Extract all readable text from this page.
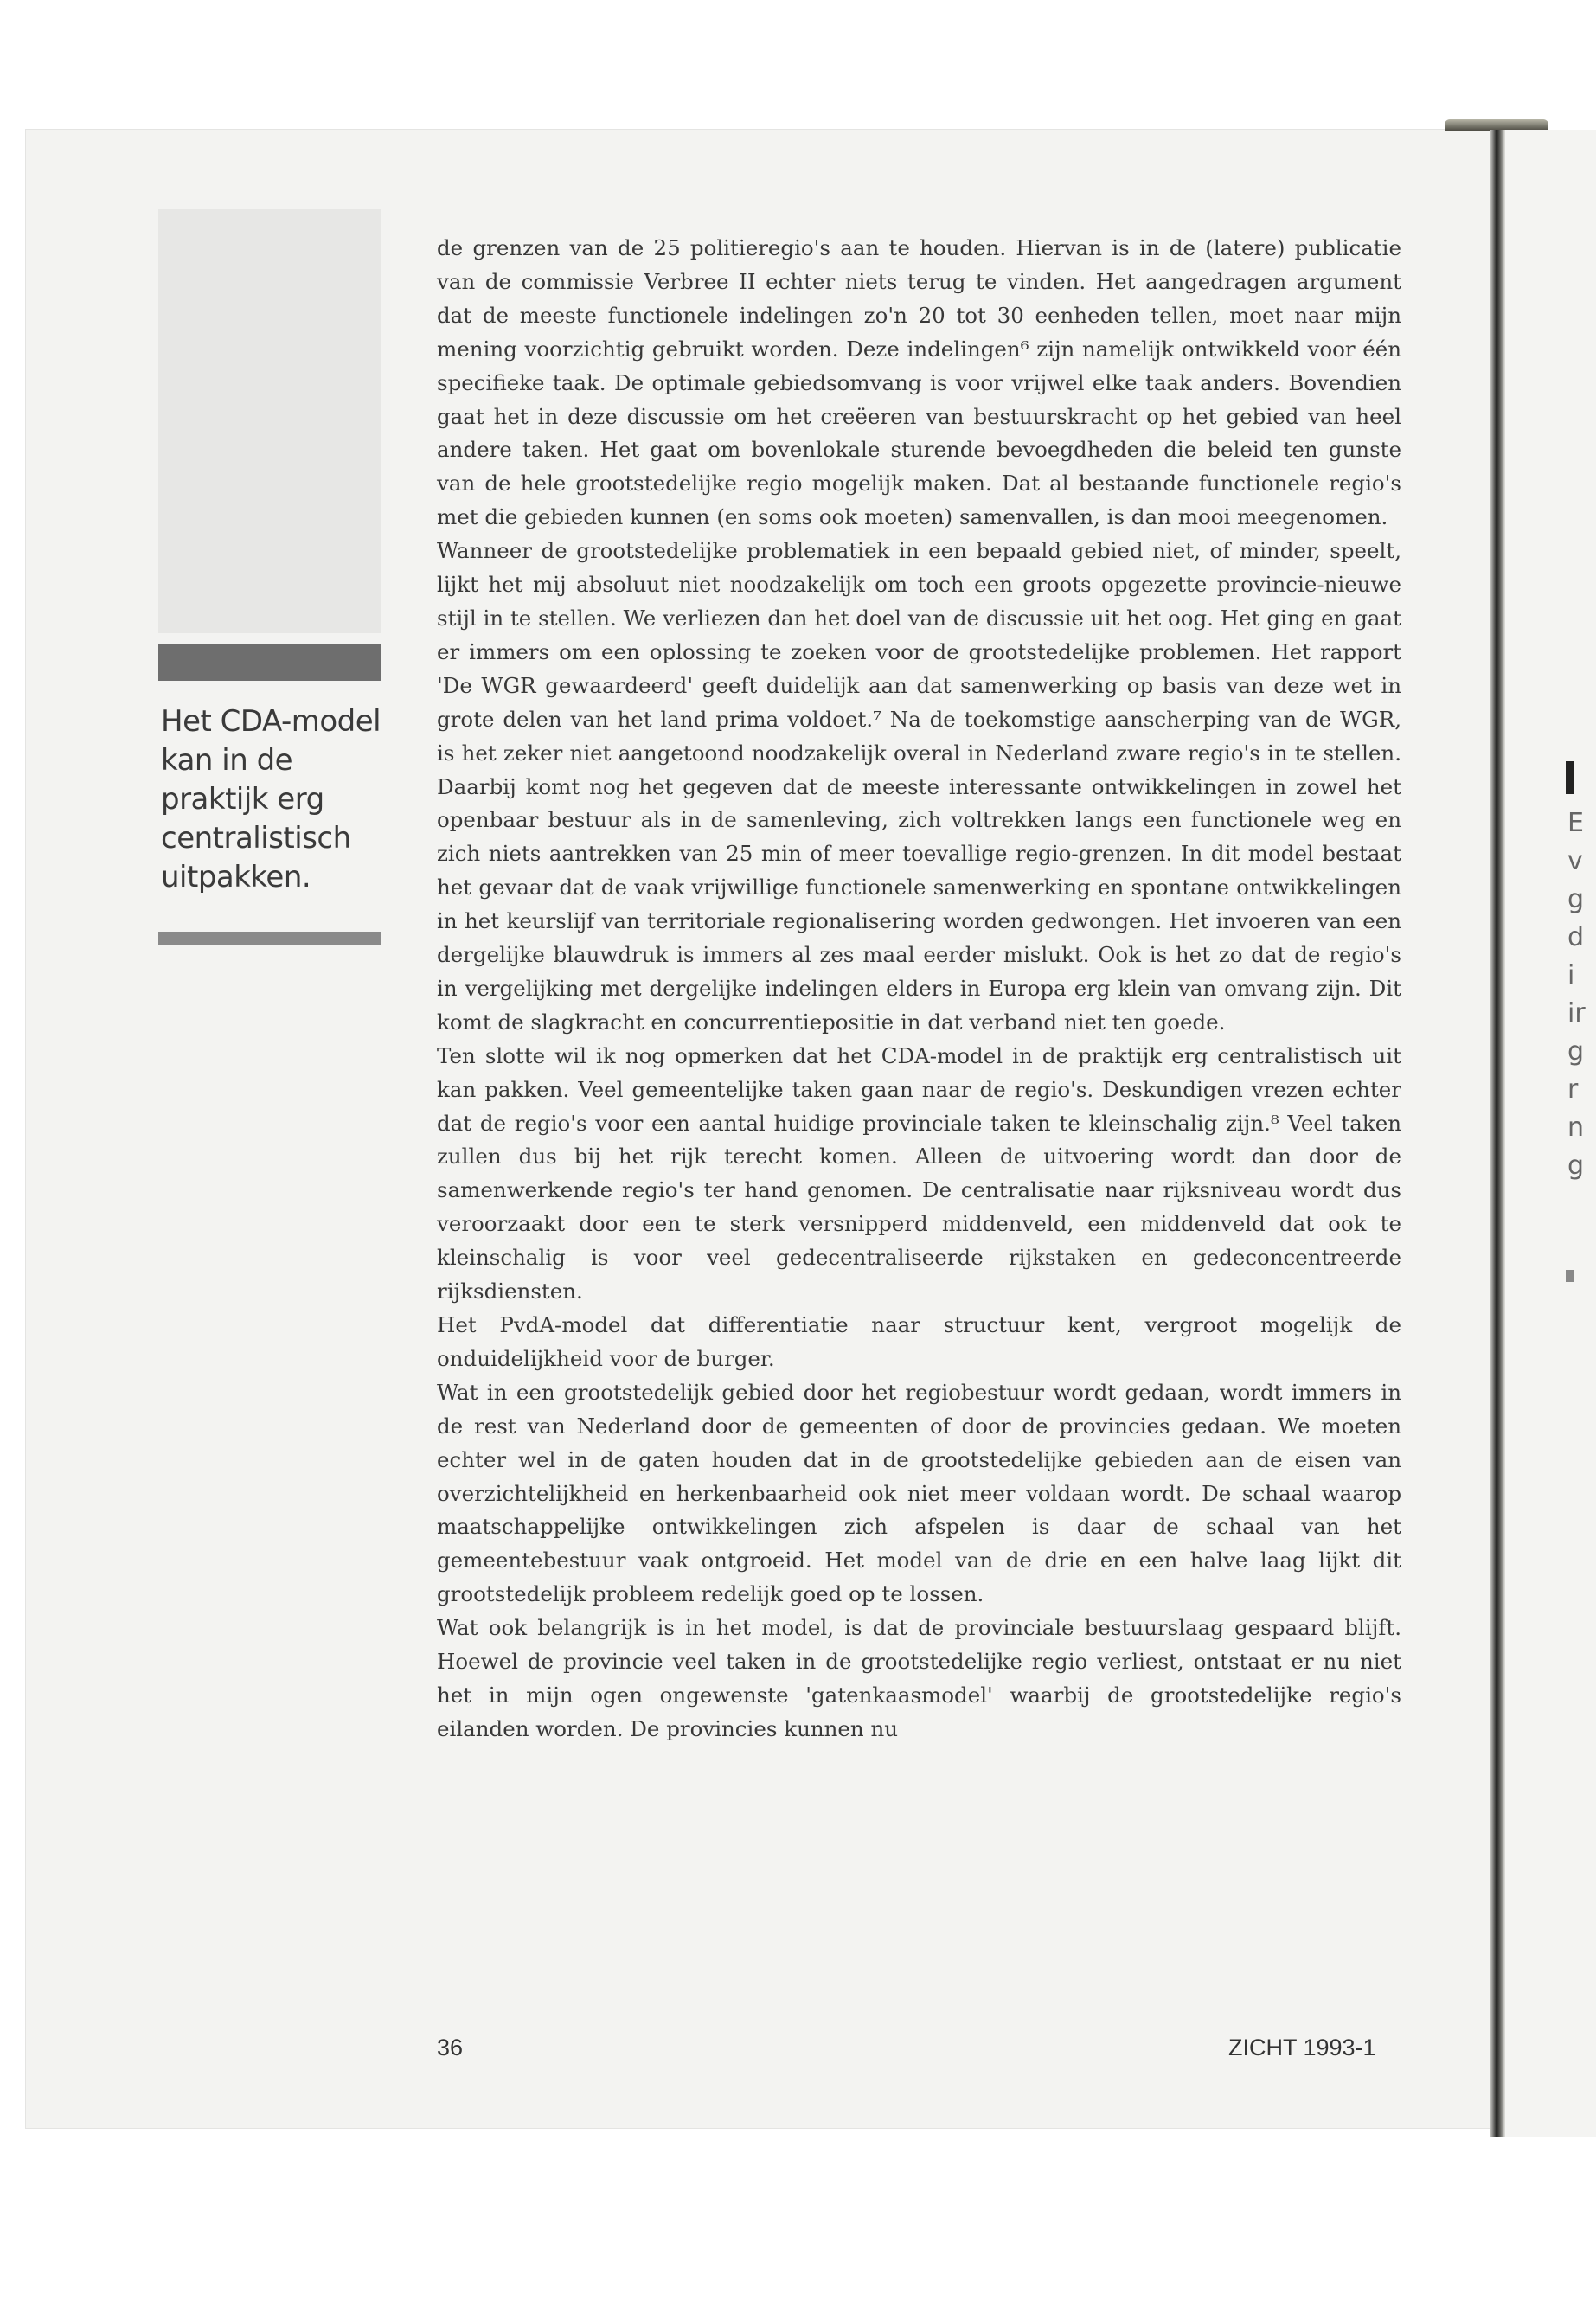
Het CDA-model kan in de praktijk erg centralistisch uitpakken.

de grenzen van de 25 politieregio's aan te houden. Hiervan is in de (latere) publicatie van de commissie Verbree II echter niets terug te vinden. Het aangedragen argument dat de meeste functionele indelingen zo'n 20 tot 30 eenheden tellen, moet naar mijn mening voorzichtig gebruikt worden. Deze indelingen⁶ zijn namelijk ontwikkeld voor één specifieke taak. De optimale gebiedsomvang is voor vrijwel elke taak anders. Bovendien gaat het in deze discussie om het creëeren van bestuurskracht op het gebied van heel andere taken. Het gaat om bovenlokale sturende bevoegdheden die beleid ten gunste van de hele grootstedelijke regio mogelijk maken. Dat al bestaande functionele regio's met die gebieden kunnen (en soms ook moeten) samenvallen, is dan mooi meegenomen.

Wanneer de grootstedelijke problematiek in een bepaald gebied niet, of minder, speelt, lijkt het mij absoluut niet noodzakelijk om toch een groots opgezette provincie-nieuwe stijl in te stellen. We verliezen dan het doel van de discussie uit het oog. Het ging en gaat er immers om een oplossing te zoeken voor de grootstedelijke problemen. Het rapport 'De WGR gewaardeerd' geeft duidelijk aan dat samenwerking op basis van deze wet in grote delen van het land prima voldoet.⁷ Na de toekomstige aanscherping van de WGR, is het zeker niet aangetoond noodzakelijk overal in Nederland zware regio's in te stellen. Daarbij komt nog het gegeven dat de meeste interessante ontwikkelingen in zowel het openbaar bestuur als in de samenleving, zich voltrekken langs een functionele weg en zich niets aantrekken van 25 min of meer toevallige regio-grenzen. In dit model bestaat het gevaar dat de vaak vrijwillige functionele samenwerking en spontane ontwikkelingen in het keurslijf van territoriale regionalisering worden gedwongen. Het invoeren van een dergelijke blauwdruk is immers al zes maal eerder mislukt. Ook is het zo dat de regio's in vergelijking met dergelijke indelingen elders in Europa erg klein van omvang zijn. Dit komt de slagkracht en concurrentiepositie in dat verband niet ten goede.

Ten slotte wil ik nog opmerken dat het CDA-model in de praktijk erg centralistisch uit kan pakken. Veel gemeentelijke taken gaan naar de regio's. Deskundigen vrezen echter dat de regio's voor een aantal huidige provinciale taken te kleinschalig zijn.⁸ Veel taken zullen dus bij het rijk terecht komen. Alleen de uitvoering wordt dan door de samenwerkende regio's ter hand genomen. De centralisatie naar rijksniveau wordt dus veroorzaakt door een te sterk versnipperd middenveld, een middenveld dat ook te kleinschalig is voor veel gedecentraliseerde rijkstaken en gedeconcentreerde rijksdiensten.

Het PvdA-model dat differentiatie naar structuur kent, vergroot mogelijk de onduidelijkheid voor de burger.

Wat in een grootstedelijk gebied door het regiobestuur wordt gedaan, wordt immers in de rest van Nederland door de gemeenten of door de provincies gedaan. We moeten echter wel in de gaten houden dat in de grootstedelijke gebieden aan de eisen van overzichtelijkheid en herkenbaarheid ook niet meer voldaan wordt. De schaal waarop maatschappelijke ontwikkelingen zich afspelen is daar de schaal van het gemeentebestuur vaak ontgroeid. Het model van de drie en een halve laag lijkt dit grootstedelijk probleem redelijk goed op te lossen.

Wat ook belangrijk is in het model, is dat de provinciale bestuurslaag gespaard blijft. Hoewel de provincie veel taken in de grootstedelijke regio verliest, ontstaat er nu niet het in mijn ogen ongewenste 'gatenkaasmodel' waarbij de grootstedelijke regio's eilanden worden. De provincies kunnen nu

36	ZICHT 1993-1
E
v
g
d
i
ir
g
r
n
g
